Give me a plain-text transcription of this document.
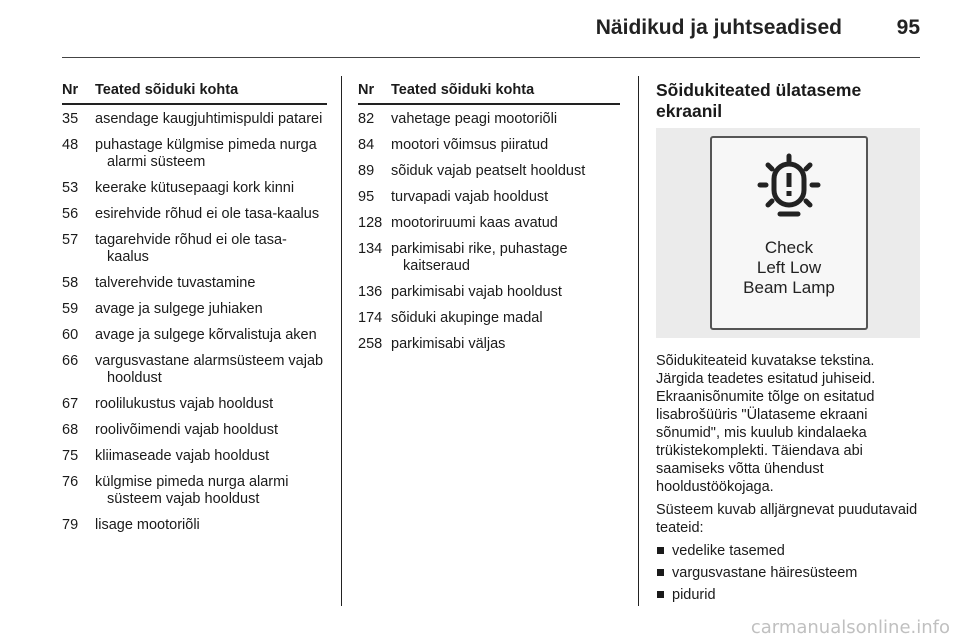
Näidikud ja juhtseadised	95
Nr	Teated sõiduki kohta
35	asendage kaugjuhtimispuldi patarei

48	puhastage külgmise pimeda nurga alarmi süsteem

53	keerake kütusepaagi kork kinni

56	esirehvide rõhud ei ole tasa-kaalus

57	tagarehvide rõhud ei ole tasa-kaalus

58	talverehvide tuvastamine

59	avage ja sulgege juhiaken

60	avage ja sulgege kõrvalistuja aken

66	vargusvastane alarmsüsteem vajab hooldust

67	roolilukustus vajab hooldust

68	roolivõimendi vajab hooldust

75	kliimaseade vajab hooldust

76	külgmise pimeda nurga alarmi süsteem vajab hooldust

79	lisage mootoriõli
Nr	Teated sõiduki kohta
82	vahetage peagi mootoriõli

84	mootori võimsus piiratud

89	sõiduk vajab peatselt hooldust

95	turvapadi vajab hooldust

128	mootoriruumi kaas avatud

134	parkimisabi rike, puhastage kaitseraud

136	parkimisabi vajab hooldust

174	sõiduki akupinge madal

258	parkimisabi väljas
Sõidukiteated ülataseme
ekraanil
Check
Left Low
Beam Lamp

Sõidukiteateid kuvatakse tekstina. Järgida teadetes esitatud juhiseid. Ekraanisõnumite tõlge on esitatud lisabrošüüris "Ülataseme ekraani sõnumid", mis kuulub kindalaeka trükistekomplekti. Täiendava abi saamiseks võtta ühendust hooldustöökojaga.

Süsteem kuvab alljärgnevat puudutavaid teateid:

vedelike tasemed
vargusvastane häiresüsteem
pidurid
carmanualsonline.info
